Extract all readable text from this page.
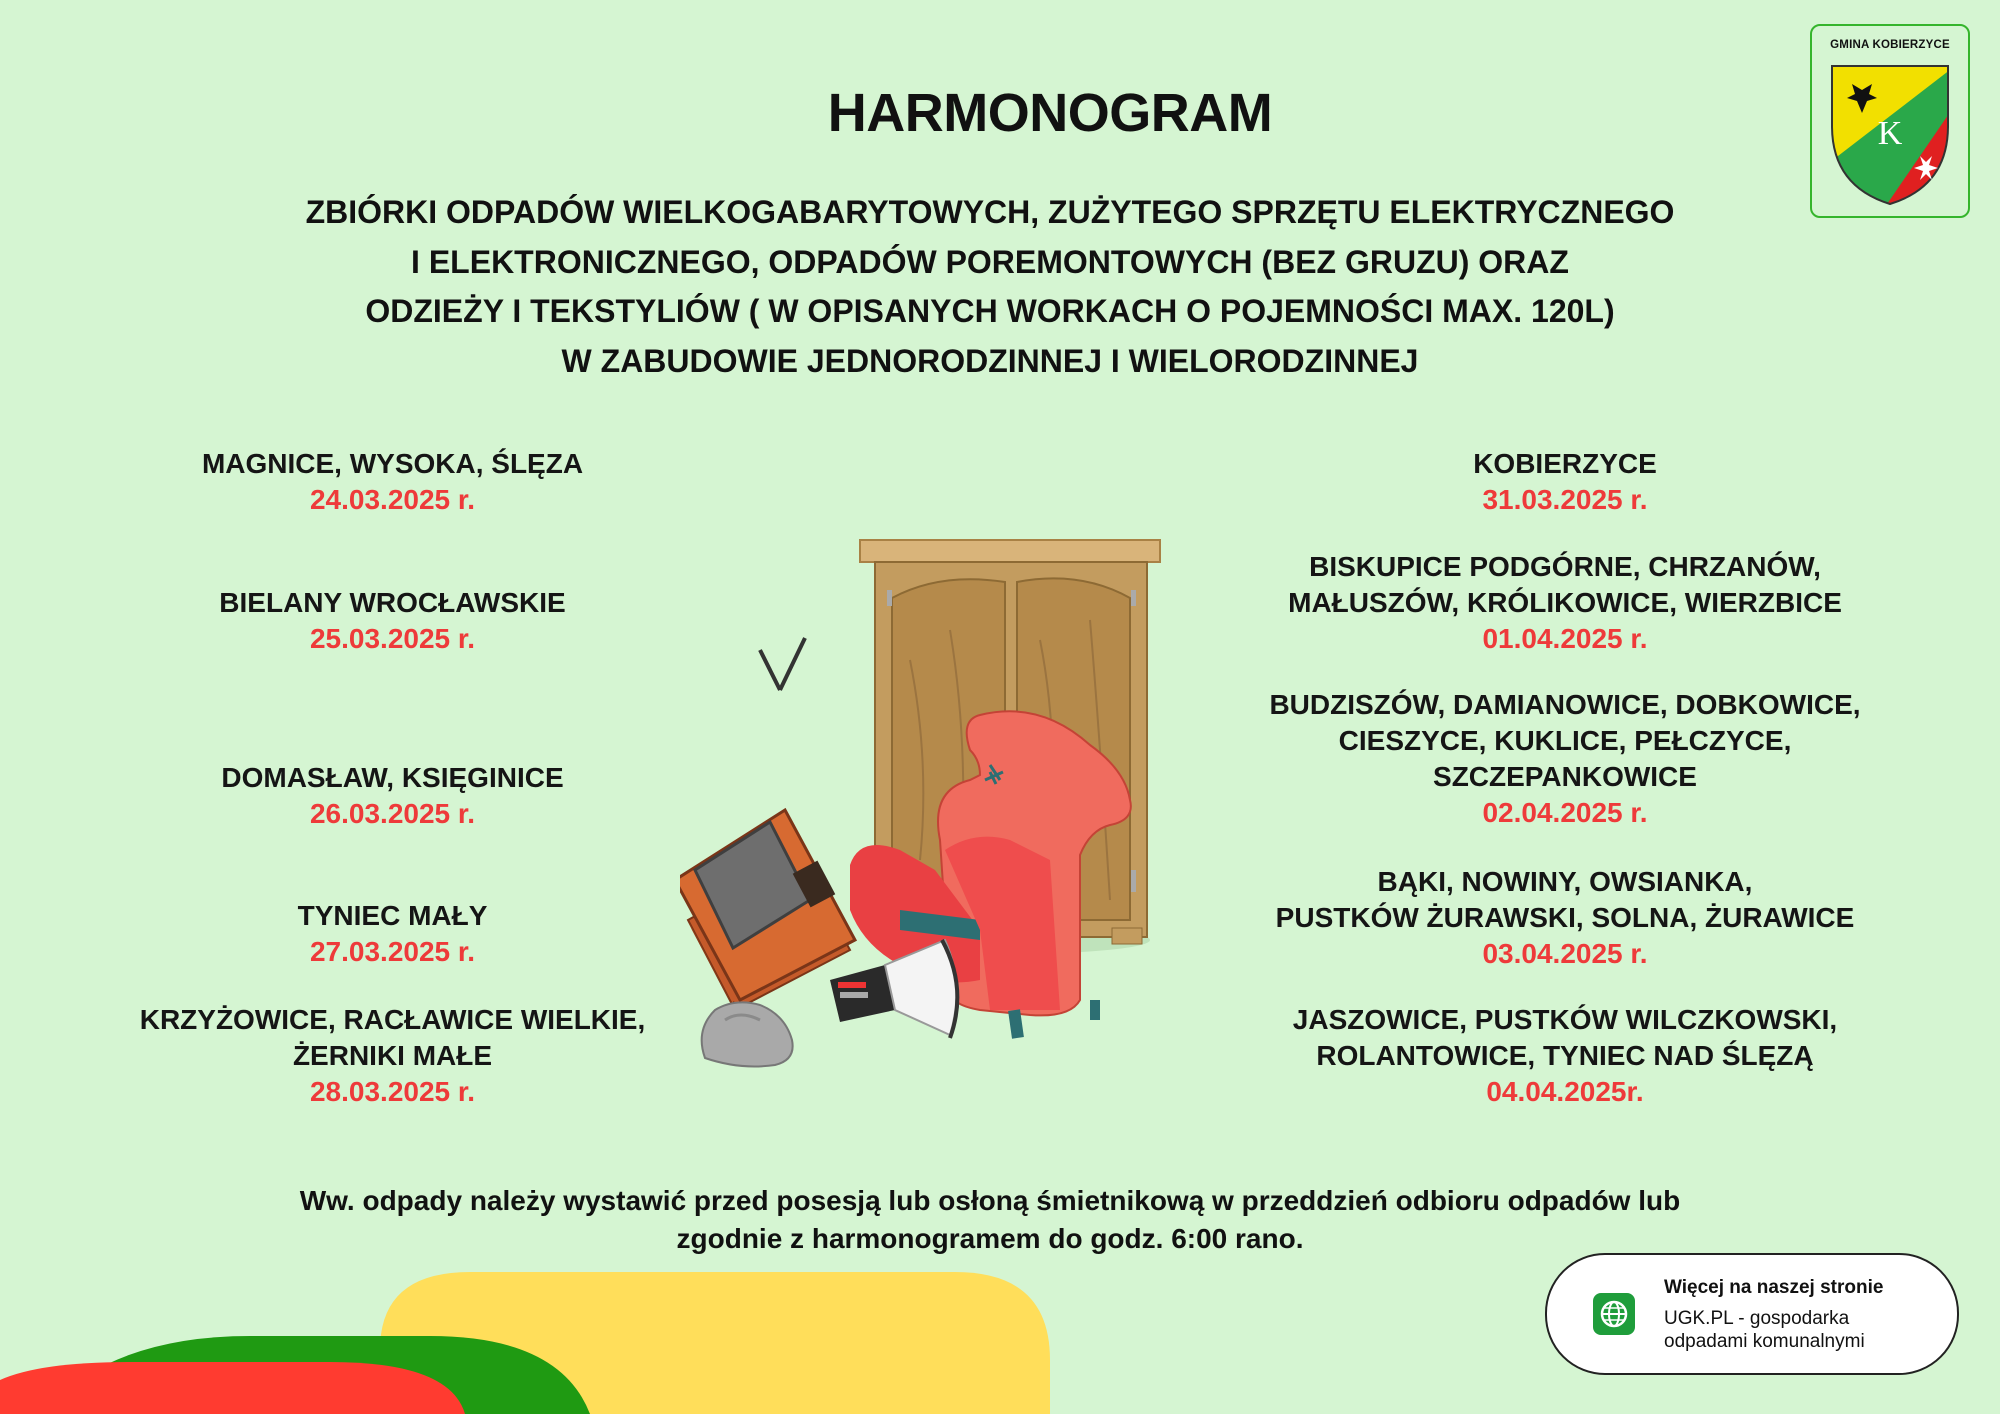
HARMONOGRAM
ZBIÓRKI ODPADÓW WIELKOGABARYTOWYCH, ZUŻYTEGO SPRZĘTU ELEKTRYCZNEGO
I ELEKTRONICZNEGO, ODPADÓW POREMONTOWYCH (BEZ GRUZU) ORAZ
ODZIEŻY I TEKSTYLIÓW ( W OPISANYCH WORKACH O POJEMNOŚCI MAX. 120L)
W ZABUDOWIE JEDNORODZINNEJ I WIELORODZINNEJ
GMINA KOBIERZYCE
K
MAGNICE, WYSOKA, ŚLĘZA
24.03.2025 r.
BIELANY WROCŁAWSKIE
25.03.2025 r.
DOMASŁAW, KSIĘGINICE
26.03.2025 r.
TYNIEC MAŁY
27.03.2025 r.
KRZYŻOWICE, RACŁAWICE WIELKIE,
ŻERNIKI MAŁE
28.03.2025 r.
KOBIERZYCE
31.03.2025 r.
BISKUPICE PODGÓRNE, CHRZANÓW,
MAŁUSZÓW, KRÓLIKOWICE, WIERZBICE
01.04.2025 r.
BUDZISZÓW, DAMIANOWICE, DOBKOWICE,
CIESZYCE, KUKLICE, PEŁCZYCE,
SZCZEPANKOWICE
02.04.2025 r.
BĄKI, NOWINY, OWSIANKA,
PUSTKÓW ŻURAWSKI, SOLNA, ŻURAWICE
03.04.2025 r.
JASZOWICE, PUSTKÓW WILCZKOWSKI,
ROLANTOWICE, TYNIEC NAD ŚLĘZĄ
04.04.2025r.
Ww. odpady należy wystawić przed posesją lub osłoną śmietnikową w przeddzień odbioru odpadów lub
zgodnie z harmonogramem do godz. 6:00 rano.
Więcej na naszej stronie
UGK.PL - gospodarka odpadami komunalnymi
